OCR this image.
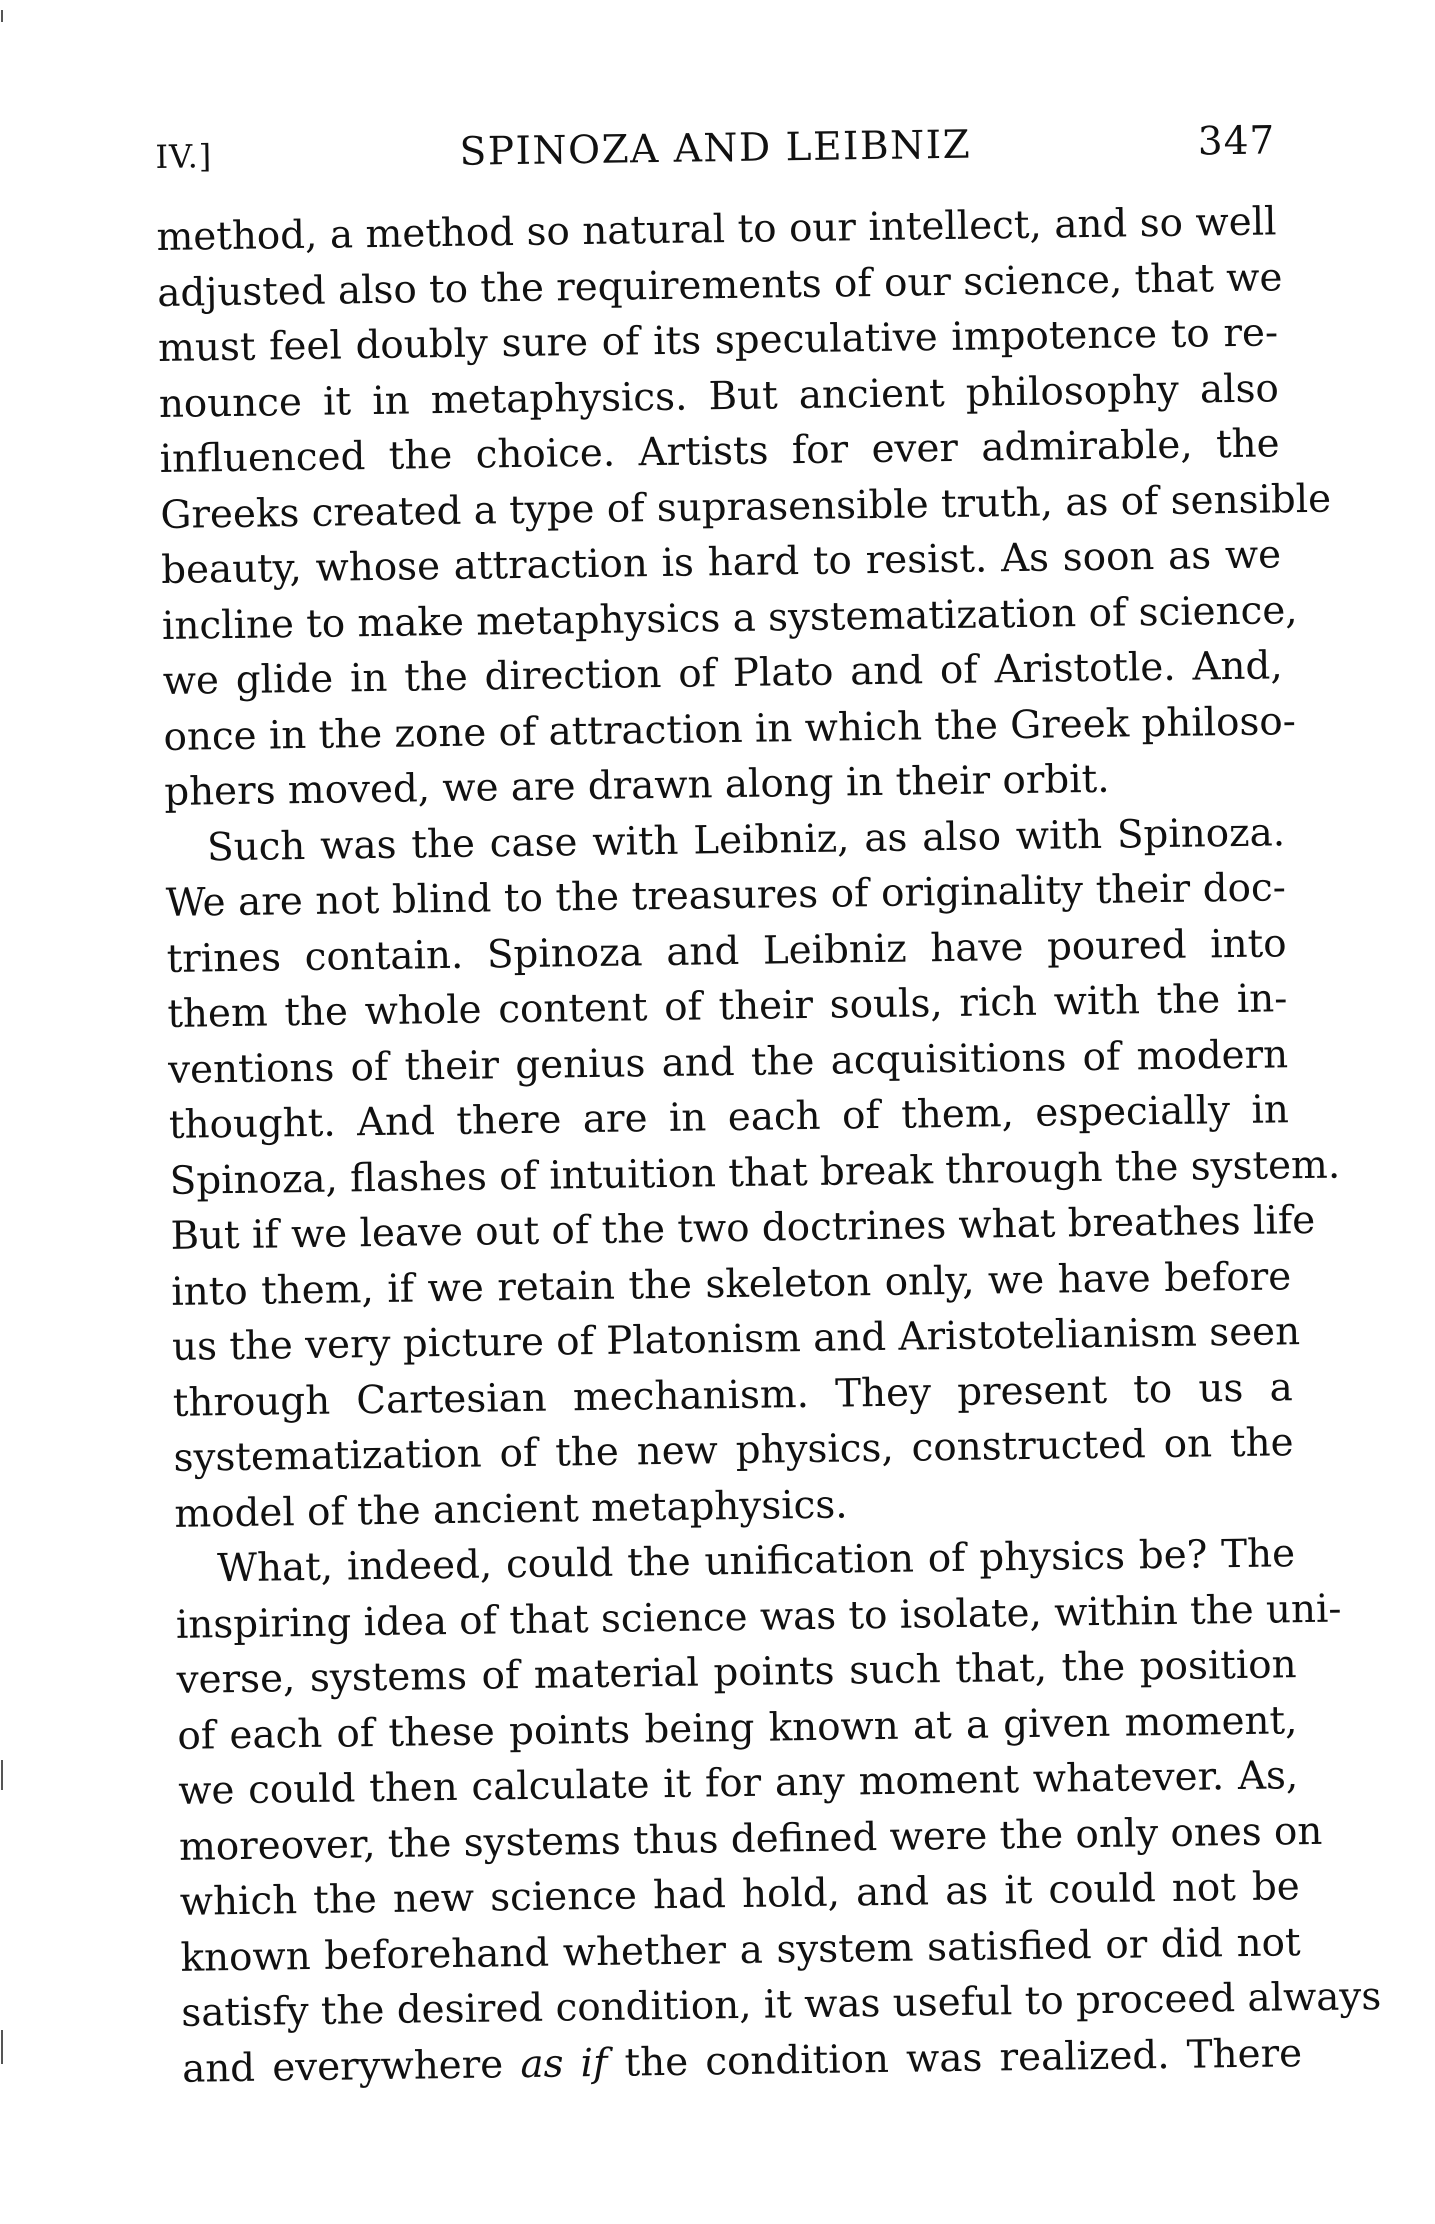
IV.]	SPINOZA AND LEIBNIZ	347

method, a method so natural to our intellect, and so well
adjusted also to the requirements of our science, that we
must feel doubly sure of its speculative impotence to re-
nounce it in metaphysics. But ancient philosophy also
influenced the choice. Artists for ever admirable, the
Greeks created a type of suprasensible truth, as of sensible
beauty, whose attraction is hard to resist. As soon as we
incline to make metaphysics a systematization of science,
we glide in the direction of Plato and of Aristotle. And,
once in the zone of attraction in which the Greek philoso-
phers moved, we are drawn along in their orbit.

Such was the case with Leibniz, as also with Spinoza.
We are not blind to the treasures of originality their doc-
trines contain. Spinoza and Leibniz have poured into
them the whole content of their souls, rich with the in-
ventions of their genius and the acquisitions of modern
thought. And there are in each of them, especially in
Spinoza, flashes of intuition that break through the system.
But if we leave out of the two doctrines what breathes life
into them, if we retain the skeleton only, we have before
us the very picture of Platonism and Aristotelianism seen
through Cartesian mechanism. They present to us a
systematization of the new physics, constructed on the
model of the ancient metaphysics.

What, indeed, could the unification of physics be? The
inspiring idea of that science was to isolate, within the uni-
verse, systems of material points such that, the position
of each of these points being known at a given moment,
we could then calculate it for any moment whatever. As,
moreover, the systems thus defined were the only ones on
which the new science had hold, and as it could not be
known beforehand whether a system satisfied or did not
satisfy the desired condition, it was useful to proceed always
and everywhere as if the condition was realized. There
